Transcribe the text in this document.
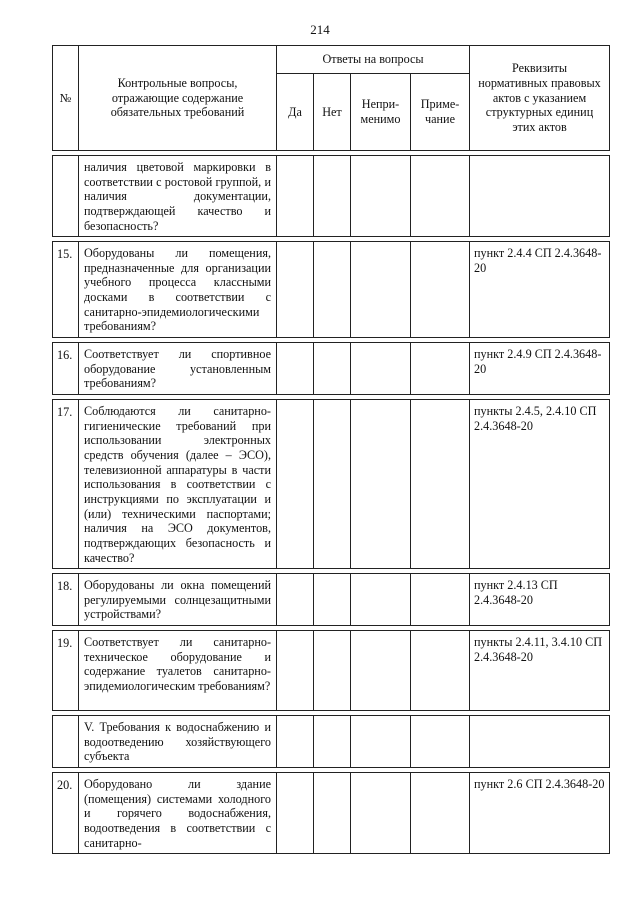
214
№	Контрольные вопросы, отражающие содержание обязательных требований	Ответы на вопросы				Реквизиты нормативных правовых актов с указанием структурных единиц этих актов
		Да	Нет	Непри-менимо	Приме-чание	

	наличия цветовой маркировки в соответствии с ростовой группой, и наличия документации, подтверждающей качество и безопасность?					

15.	Оборудованы ли помещения, предназначенные для организации учебного процесса классными досками в соответствии с санитарно-эпидемиологическими требованиям?					пункт 2.4.4 СП 2.4.3648-20

16.	Соответствует ли спортивное оборудование установленным требованиям?					пункт 2.4.9 СП 2.4.3648-20

17.	Соблюдаются ли санитарно-гигиенические требований при использовании электронных средств обучения (далее – ЭСО), телевизионной аппаратуры в части использования в соответствии с инструкциями по эксплуатации и (или) техническими паспортами; наличия на ЭСО документов, подтверждающих безопасность и качество?					пункты 2.4.5, 2.4.10 СП 2.4.3648-20

18.	Оборудованы ли окна помещений регулируемыми солнцезащитными устройствами?					пункт 2.4.13 СП 2.4.3648-20

19.	Соответствует ли санитарно-техническое оборудование и содержание туалетов санитарно-эпидемиологическим требованиям?					пункты 2.4.11, 3.4.10 СП 2.4.3648-20

	V. Требования к водоснабжению и водоотведению хозяйствующего субъекта					

20.	Оборудовано ли здание (помещения) системами холодного и горячего водоснабжения, водоотведения в соответствии с санитарно-					пункт 2.6 СП 2.4.3648-20
